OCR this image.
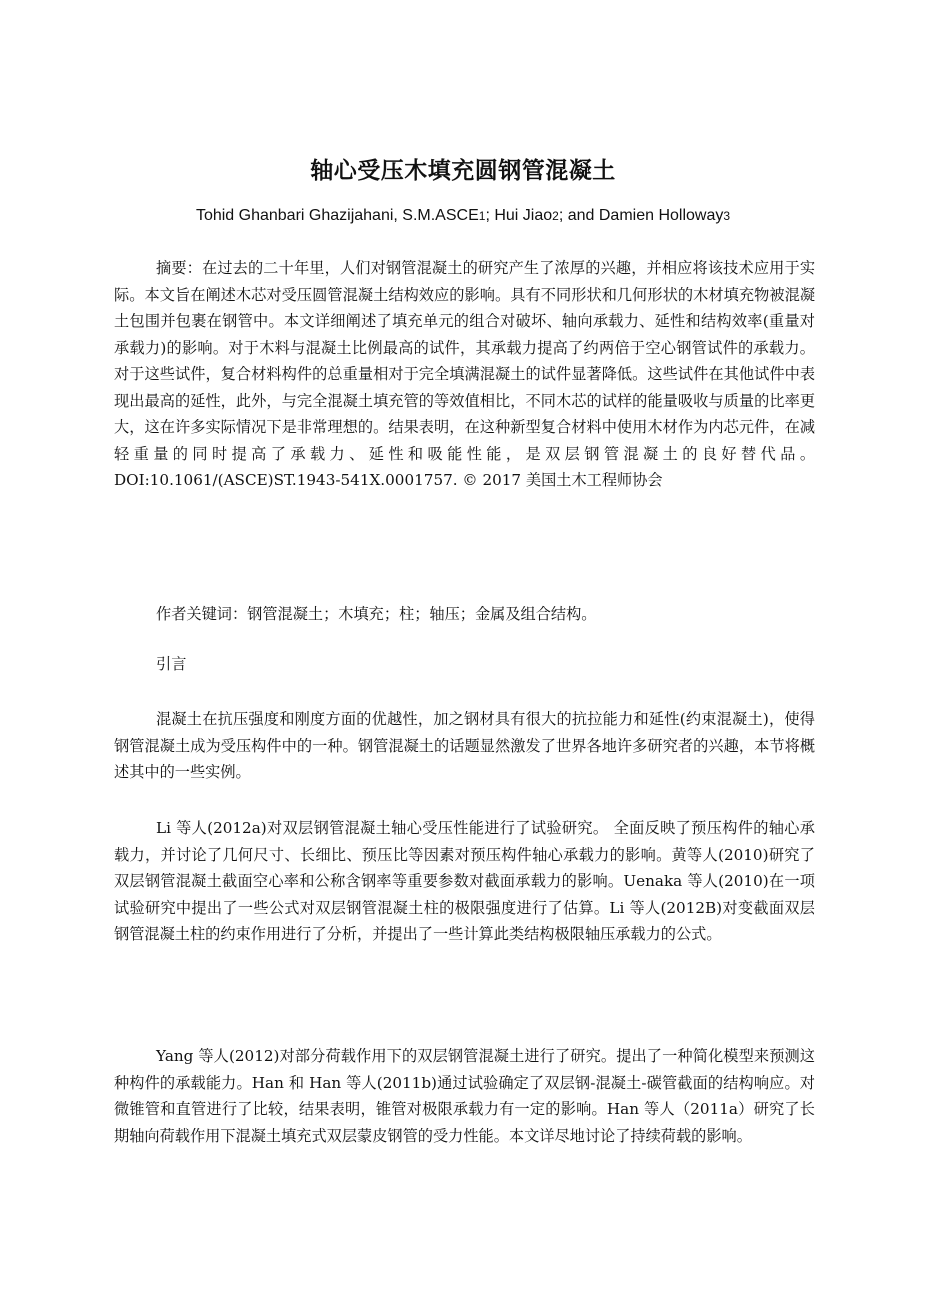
轴心受压木填充圆钢管混凝土
Tohid Ghanbari Ghazijahani, S.M.ASCE1; Hui Jiao2; and Damien Holloway3

摘要：在过去的二十年里，人们对钢管混凝土的研究产生了浓厚的兴趣，并相应将该技术应用于实际。本文旨在阐述木芯对受压圆管混凝土结构效应的影响。具有不同形状和几何形状的木材填充物被混凝土包围并包裹在钢管中。本文详细阐述了填充单元的组合对破坏、轴向承载力、延性和结构效率(重量对承载力)的影响。对于木料与混凝土比例最高的试件，其承载力提高了约两倍于空心钢管试件的承载力。对于这些试件，复合材料构件的总重量相对于完全填满混凝土的试件显著降低。这些试件在其他试件中表现出最高的延性，此外，与完全混凝土填充管的等效值相比，不同木芯的试样的能量吸收与质量的比率更大，这在许多实际情况下是非常理想的。结果表明，在这种新型复合材料中使用木材作为内芯元件，在减轻重量的同时提高了承载力、延性和吸能性能，是双层钢管混凝土的良好替代品。DOI:10.1061/(ASCE)ST.1943-541X.0001757. © 2017 美国土木工程师协会

作者关键词：钢管混凝土；木填充；柱；轴压；金属及组合结构。

引言

混凝土在抗压强度和刚度方面的优越性，加之钢材具有很大的抗拉能力和延性(约束混凝土)，使得钢管混凝土成为受压构件中的一种。钢管混凝土的话题显然激发了世界各地许多研究者的兴趣，本节将概述其中的一些实例。

Li 等人(2012a)对双层钢管混凝土轴心受压性能进行了试验研究。 全面反映了预压构件的轴心承载力，并讨论了几何尺寸、长细比、预压比等因素对预压构件轴心承载力的影响。黄等人(2010)研究了双层钢管混凝土截面空心率和公称含钢率等重要参数对截面承载力的影响。Uenaka 等人(2010)在一项试验研究中提出了一些公式对双层钢管混凝土柱的极限强度进行了估算。Li 等人(2012B)对变截面双层钢管混凝土柱的约束作用进行了分析，并提出了一些计算此类结构极限轴压承载力的公式。

Yang 等人(2012)对部分荷载作用下的双层钢管混凝土进行了研究。提出了一种简化模型来预测这种构件的承载能力。Han 和 Han 等人(2011b)通过试验确定了双层钢-混凝土-碳管截面的结构响应。对微锥管和直管进行了比较，结果表明，锥管对极限承载力有一定的影响。Han 等人（2011a）研究了长期轴向荷载作用下混凝土填充式双层蒙皮钢管的受力性能。本文详尽地讨论了持续荷载的影响。
